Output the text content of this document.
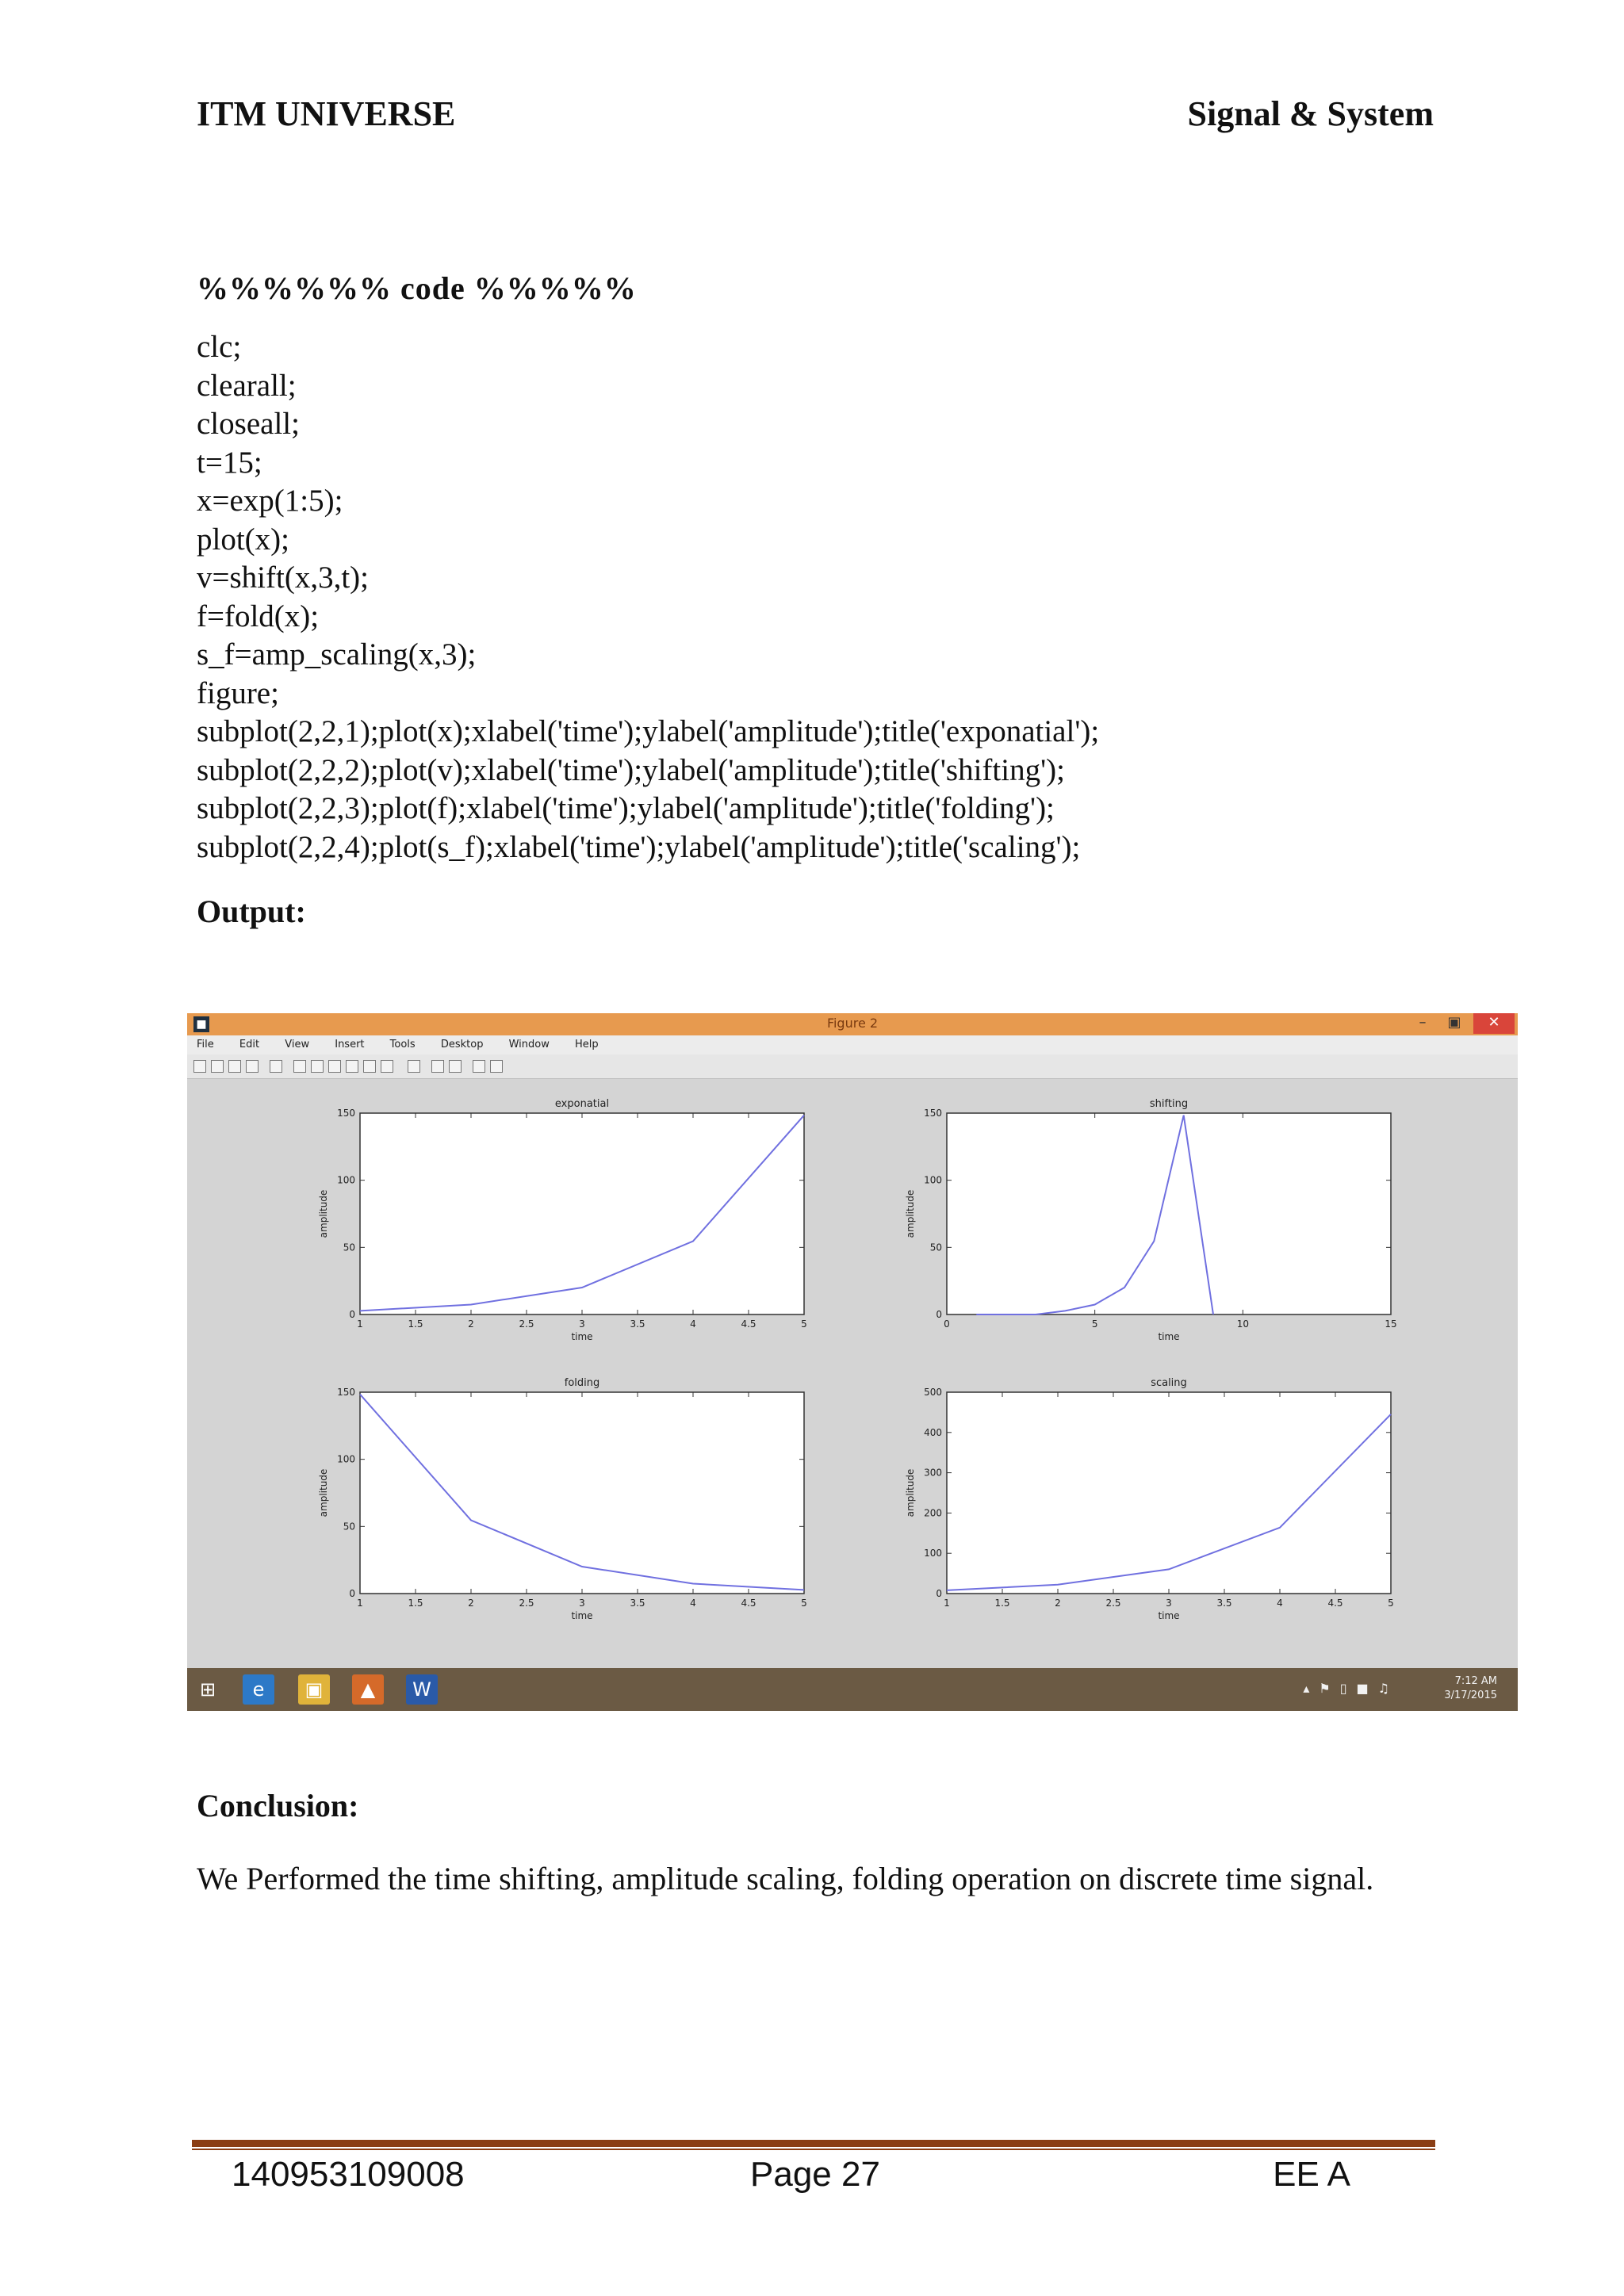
ITM UNIVERSE	Signal & System
%%%%%% code %%%%%
clc;
clearall;
closeall;
t=15;
x=exp(1:5);
plot(x);
v=shift(x,3,t);
f=fold(x);
s_f=amp_scaling(x,3);
figure;
subplot(2,2,1);plot(x);xlabel('time');ylabel('amplitude');title('exponatial');
subplot(2,2,2);plot(v);xlabel('time');ylabel('amplitude');title('shifting');
subplot(2,2,3);plot(f);xlabel('time');ylabel('amplitude');title('folding');
subplot(2,2,4);plot(s_f);xlabel('time');ylabel('amplitude');title('scaling');
Output:
■	Figure 2	–	▣	✕
File Edit View Insert Tools Desktop Window Help
1	1.5	2	2.5	3	3.5	4	4.5	5
0
50
100
150
exponatial
time
amplitude
0	5	10	15
0
50
100
150
shifting
time
amplitude
1	1.5	2	2.5	3	3.5	4	4.5	5
0
50
100
150
folding
time
amplitude
1	1.5	2	2.5	3	3.5	4	4.5	5
0
100
200
300
400
500
scaling
time
amplitude
⊞	e	▣	▲	W	▴⚑▯■♫	7:12 AM
3/17/2015
Conclusion:
We Performed the time shifting, amplitude scaling, folding operation on discrete time signal.
140953109008	Page 27	EE A
